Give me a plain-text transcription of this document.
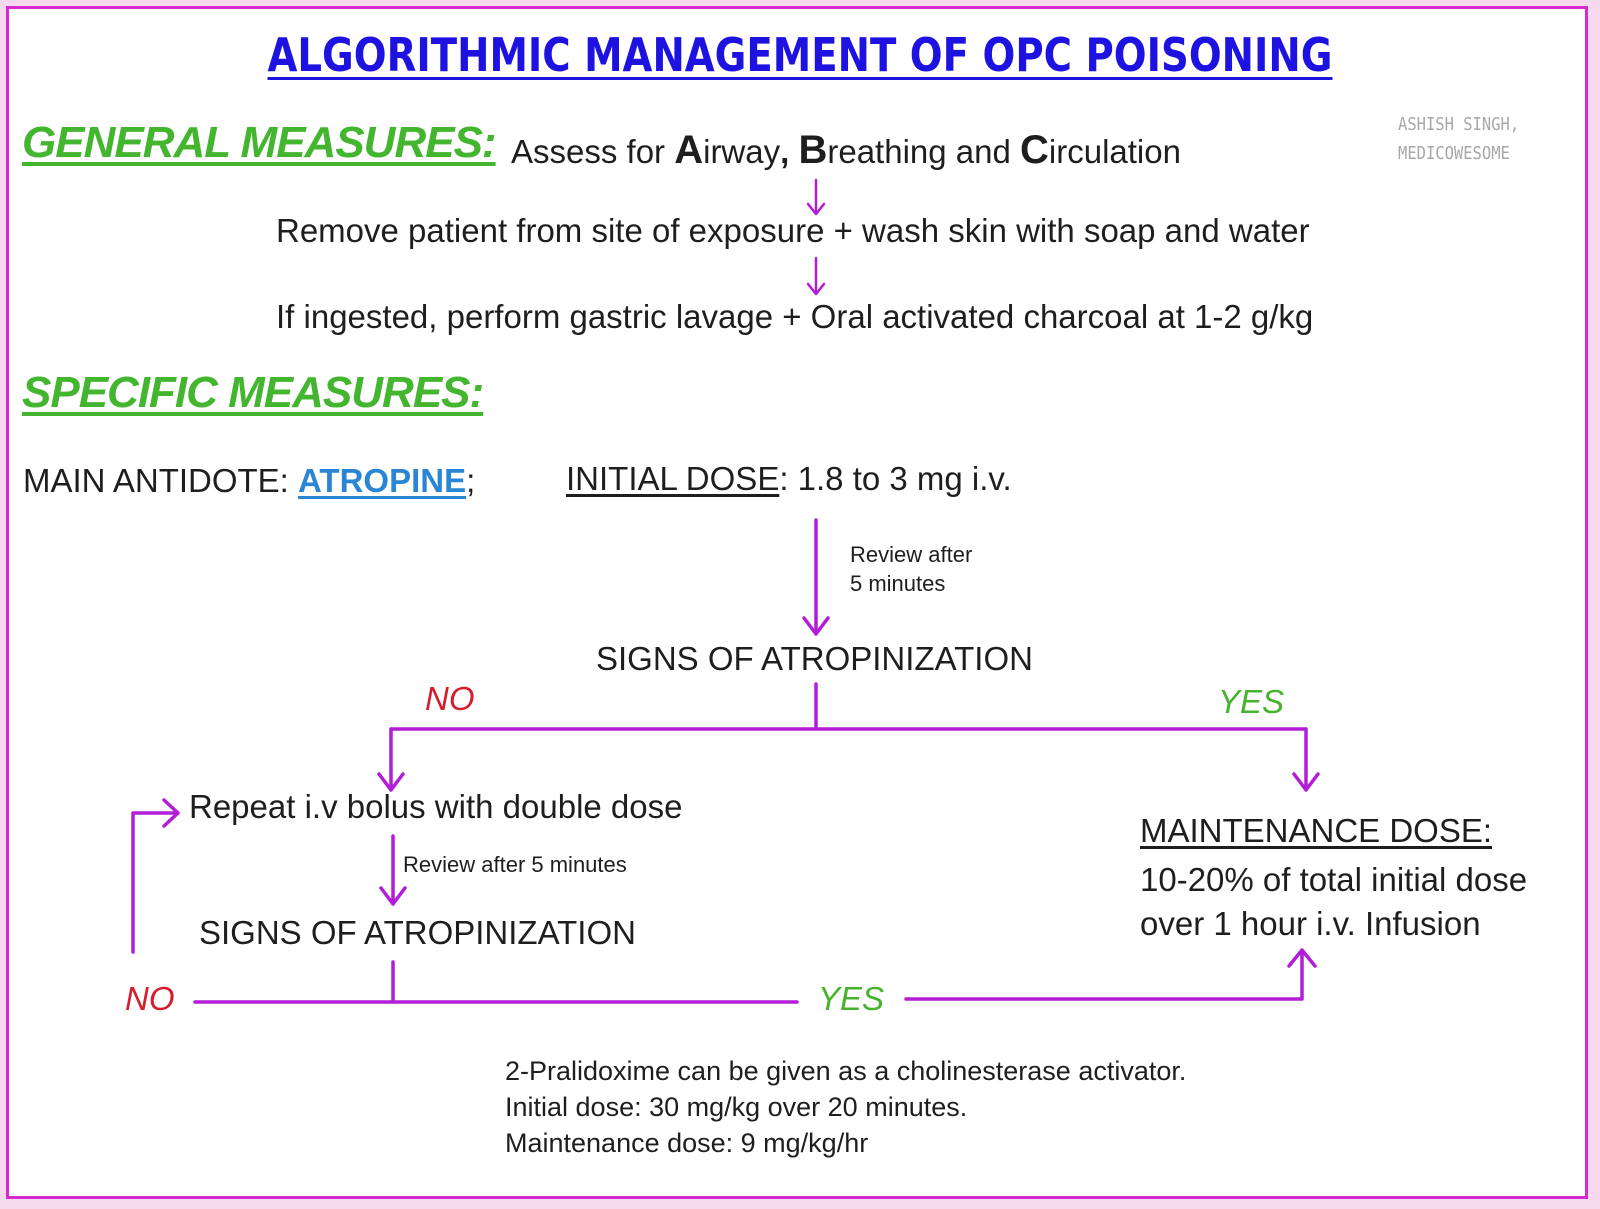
ALGORITHMIC MANAGEMENT OF OPC POISONING
ASHISH SINGH,
MEDICOWESOME
GENERAL MEASURES: Assess for Airway, Breathing and Circulation
Remove patient from site of exposure + wash skin with soap and water
If ingested, perform gastric lavage + Oral activated charcoal at 1-2 g/kg
SPECIFIC MEASURES:
MAIN ANTIDOTE: ATROPINE;	INITIAL DOSE: 1.8 to 3 mg i.v.
Review after
5 minutes
SIGNS OF ATROPINIZATION
NO	YES
Repeat i.v bolus with double dose
Review after 5 minutes
SIGNS OF ATROPINIZATION
NO	YES
MAINTENANCE DOSE:
10-20% of total initial dose
over 1 hour i.v. Infusion
2-Pralidoxime can be given as a cholinesterase activator.
Initial dose: 30 mg/kg over 20 minutes.
Maintenance dose: 9 mg/kg/hr
